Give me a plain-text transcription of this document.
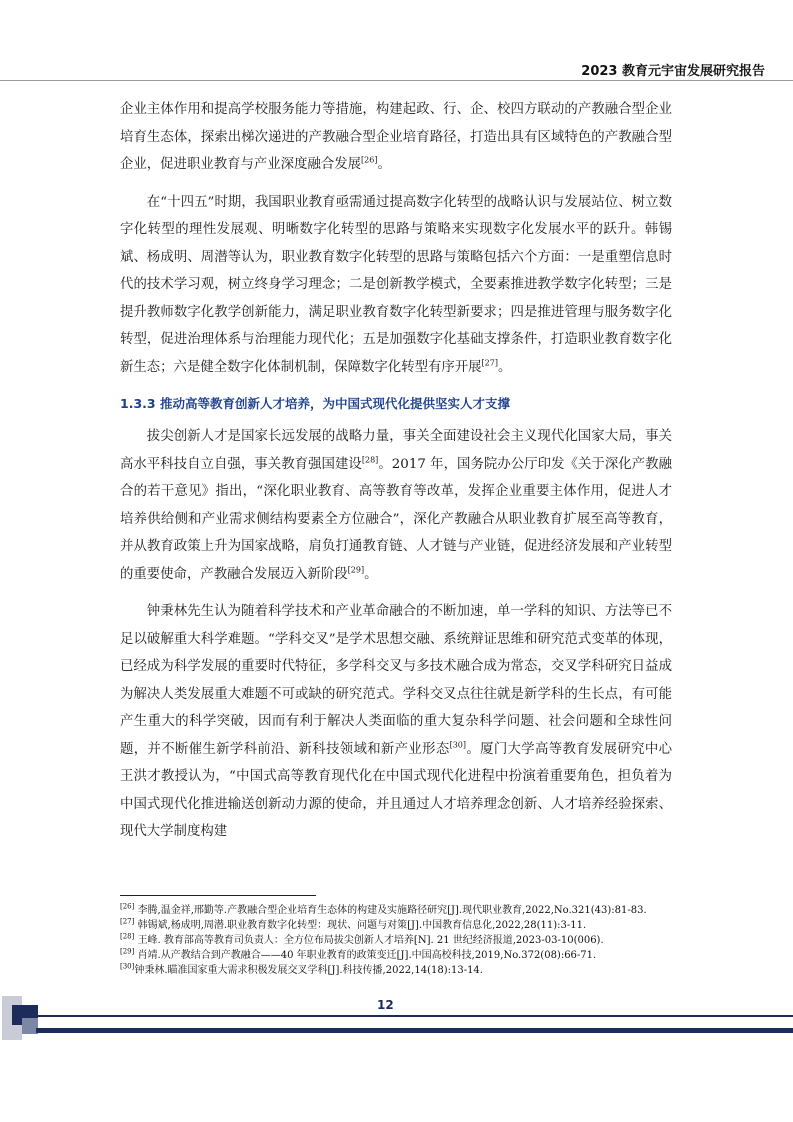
2023 教育元宇宙发展研究报告

企业主体作用和提高学校服务能力等措施，构建起政、行、企、校四方联动的产教融合型企业培育生态体，探索出梯次递进的产教融合型企业培育路径，打造出具有区域特色的产教融合型企业，促进职业教育与产业深度融合发展[26]。

在“十四五”时期，我国职业教育亟需通过提高数字化转型的战略认识与发展站位、树立数字化转型的理性发展观、明晰数字化转型的思路与策略来实现数字化发展水平的跃升。韩锡斌、杨成明、周潜等认为，职业教育数字化转型的思路与策略包括六个方面：一是重塑信息时代的技术学习观，树立终身学习理念；二是创新教学模式，全要素推进教学数字化转型；三是提升教师数字化教学创新能力，满足职业教育数字化转型新要求；四是推进管理与服务数字化转型，促进治理体系与治理能力现代化；五是加强数字化基础支撑条件，打造职业教育数字化新生态；六是健全数字化体制机制，保障数字化转型有序开展[27]。

1.3.3 推动高等教育创新人才培养，为中国式现代化提供坚实人才支撑

拔尖创新人才是国家长远发展的战略力量，事关全面建设社会主义现代化国家大局，事关高水平科技自立自强，事关教育强国建设[28]。2017 年，国务院办公厅印发《关于深化产教融合的若干意见》指出，“深化职业教育、高等教育等改革，发挥企业重要主体作用，促进人才培养供给侧和产业需求侧结构要素全方位融合”，深化产教融合从职业教育扩展至高等教育，并从教育政策上升为国家战略，肩负打通教育链、人才链与产业链，促进经济发展和产业转型的重要使命，产教融合发展迈入新阶段[29]。

钟秉林先生认为随着科学技术和产业革命融合的不断加速，单一学科的知识、方法等已不足以破解重大科学难题。“学科交叉”是学术思想交融、系统辩证思维和研究范式变革的体现，已经成为科学发展的重要时代特征，多学科交叉与多技术融合成为常态，交叉学科研究日益成为解决人类发展重大难题不可或缺的研究范式。学科交叉点往往就是新学科的生长点，有可能产生重大的科学突破，因而有利于解决人类面临的重大复杂科学问题、社会问题和全球性问题，并不断催生新学科前沿、新科技领域和新产业形态[30]。厦门大学高等教育发展研究中心王洪才教授认为，“中国式高等教育现代化在中国式现代化进程中扮演着重要角色，担负着为中国式现代化推进输送创新动力源的使命，并且通过人才培养理念创新、人才培养经验探索、现代大学制度构建

[26] 李腾,温金祥,邢勤等.产教融合型企业培育生态体的构建及实施路径研究[J].现代职业教育,2022,No.321(43):81-83.

[27] 韩锡斌,杨成明,周潜.职业教育数字化转型：现状、问题与对策[J].中国教育信息化,2022,28(11):3-11.

[28] 王峰. 教育部高等教育司负责人：全方位布局拔尖创新人才培养[N]. 21 世纪经济报道,2023-03-10(006).

[29] 肖靖.从产教结合到产教融合——40 年职业教育的政策变迁[J].中国高校科技,2019,No.372(08):66-71.

[30]钟秉林.瞄准国家重大需求积极发展交叉学科[J].科技传播,2022,14(18):13-14.

12
